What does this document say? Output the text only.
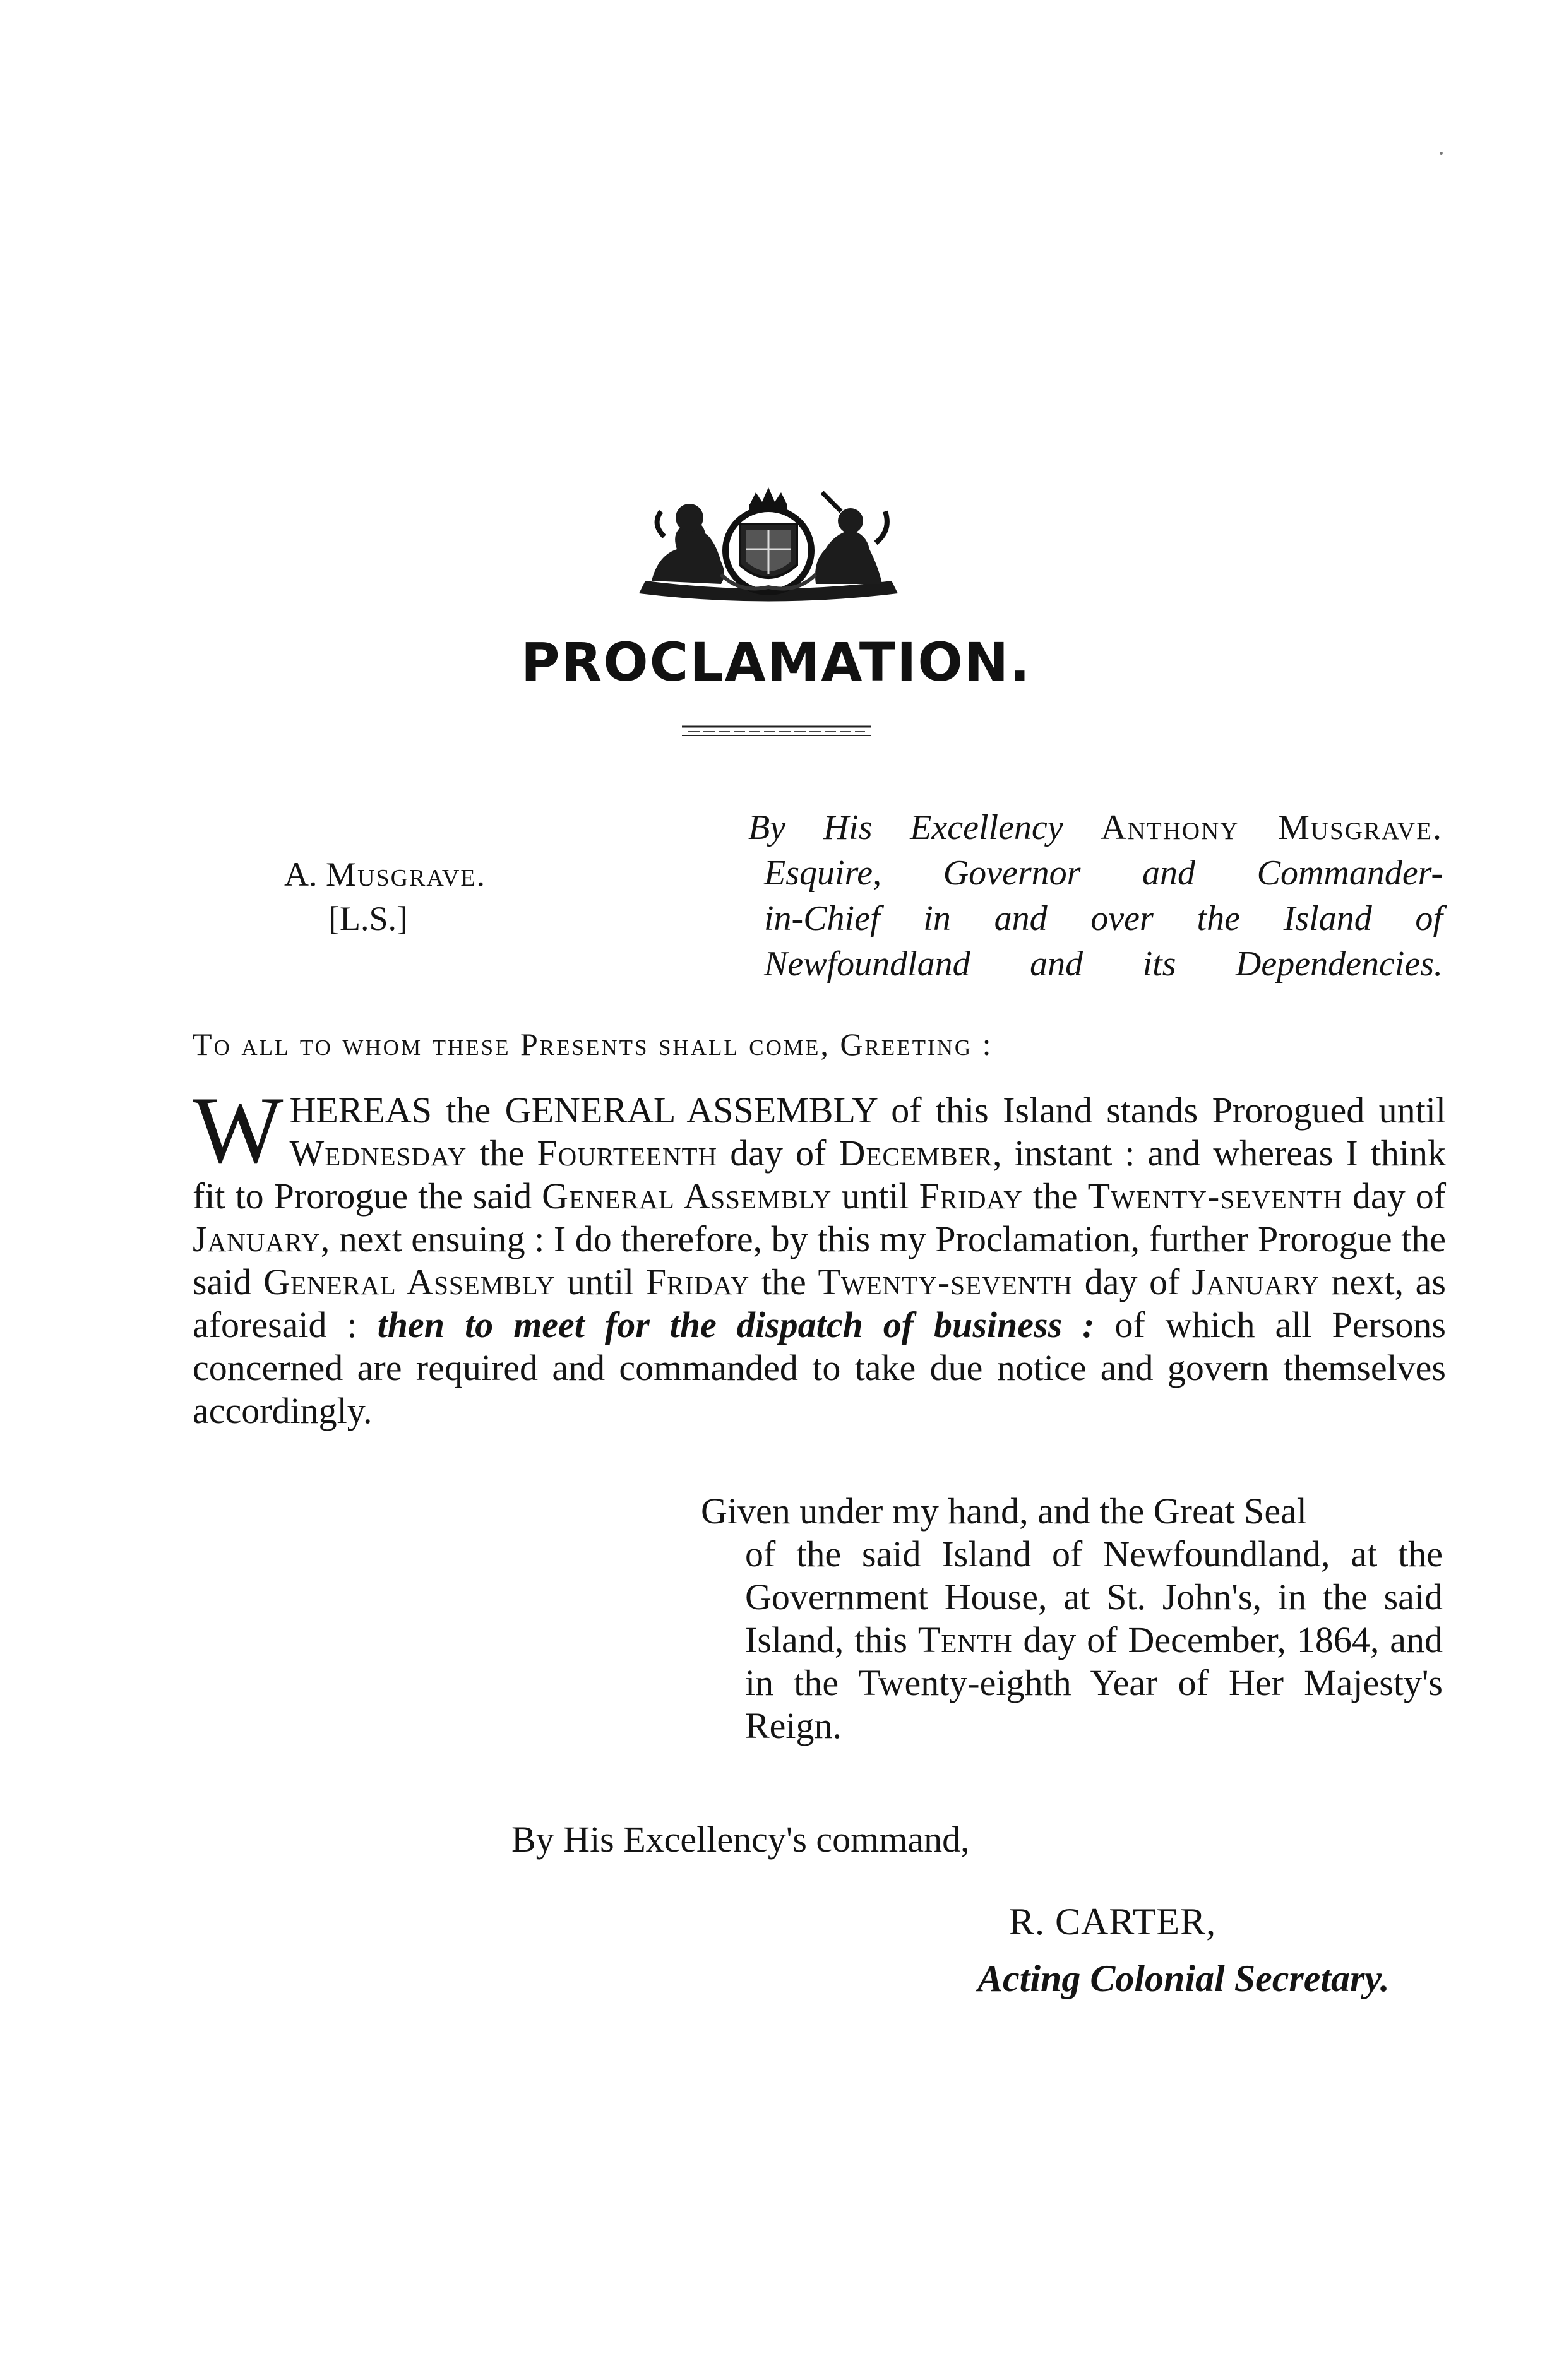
PROCLAMATION.
A. Musgrave.
[L.S.]
By His Excellency Anthony Musgrave.
Esquire, Governor and Commander-
in-Chief in and over the Island of
Newfoundland and its Dependencies.
To all to whom these Presents shall come, Greeting :
WHEREAS the GENERAL ASSEMBLY of this Island stands Prorogued until Wednesday the Fourteenth day of December, instant : and whereas I think fit to Prorogue the said General Assembly until Friday the Twenty-seventh day of January, next ensuing : I do therefore, by this my Proclamation, further Prorogue the said General Assembly until Friday the Twenty-seventh day of January next, as aforesaid : then to meet for the dispatch of business : of which all Persons concerned are required and commanded to take due notice and govern themselves accordingly.
Given under my hand, and the Great Seal
of the said Island of Newfoundland, at the Government House, at St. John's, in the said Island, this Tenth day of December, 1864, and in the Twenty-eighth Year of Her Majesty's Reign.
By His Excellency's command,
R. CARTER,
Acting Colonial Secretary.
